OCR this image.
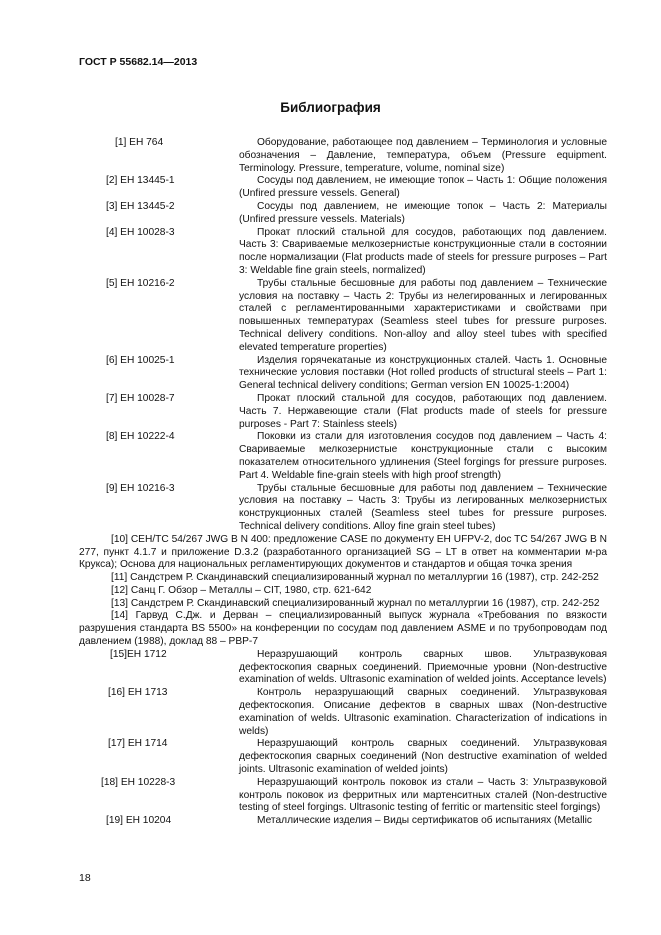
ГОСТ Р 55682.14—2013
Библиография
[1] ЕН 764	Оборудование, работающее под давлением – Терминология и условные обозначения – Давление, температура, объем (Pressure equipment. Terminology. Pressure, temperature, volume, nominal size)
[2] ЕН 13445-1	Сосуды под давлением, не имеющие топок – Часть 1: Общие положения (Unfired pressure vessels. General)
[3] ЕН 13445-2	Сосуды под давлением, не имеющие топок – Часть 2: Материалы (Unfired pressure vessels. Materials)
[4] ЕН 10028-3	Прокат плоский стальной для сосудов, работающих под давлением. Часть 3: Свариваемые мелкозернистые конструкционные стали в состоянии после нормализации (Flat products made of steels for pressure purposes – Part 3: Weldable fine grain steels, normalized)
[5] ЕН 10216-2	Трубы стальные бесшовные для работы под давлением – Технические условия на поставку – Часть 2: Трубы из нелегированных и легированных сталей с регламентированными характеристиками и свойствами при повышенных температурах (Seamless steel tubes for pressure purposes. Technical delivery conditions. Non-alloy and alloy steel tubes with specified elevated temperature properties)
[6] ЕН 10025-1	Изделия горячекатаные из конструкционных сталей. Часть 1. Основные технические условия поставки (Hot rolled products of structural steels – Part 1: General technical delivery conditions; German version EN 10025-1:2004)
[7] ЕН 10028-7	Прокат плоский стальной для сосудов, работающих под давлением. Часть 7. Нержавеющие стали (Flat products made of steels for pressure purposes - Part 7: Stainless steels)
[8] ЕН 10222-4	Поковки из стали для изготовления сосудов под давлением – Часть 4: Свариваемые мелкозернистые конструкционные стали с высоким показателем относительного удлинения (Steel forgings for pressure purposes. Part 4. Weldable fine-grain steels with high proof strength)
[9] ЕН 10216-3	Трубы стальные бесшовные для работы под давлением – Технические условия на поставку – Часть 3: Трубы из легированных мелкозернистых конструкционных сталей (Seamless steel tubes for pressure purposes. Technical delivery conditions. Alloy fine grain steel tubes)

[10] CEH/TC 54/267 JWG B N 400: предложение CASE по документу ЕН UFPV-2, doc TC 54/267 JWG B N 277, пункт 4.1.7 и приложение D.3.2 (разработанного организацией SG – LT в ответ на комментарии м-ра Крукса); Основа для национальных регламентирующих документов и стандартов и общая точка зрения

[11] Сандстрем Р. Скандинавский специализированный журнал по металлургии 16 (1987), стр. 242-252

[12] Санц Г. Обзор – Металлы – CIT, 1980, стр. 621-642

[13] Сандстрем Р. Скандинавский специализированный журнал по металлургии 16 (1987), стр. 242-252

[14] Гарвуд С.Дж. и Дерван – специализированный выпуск журнала «Требования по вязкости разрушения стандарта BS 5500» на конференции по сосудам под давлением ASME и по трубопроводам под давлением (1988), доклад 88 – PBP-7

[15]ЕН 1712	Неразрушающий контроль сварных швов. Ультразвуковая дефектоскопия сварных соединений. Приемочные уровни (Non-destructive examination of welds. Ultrasonic examination of welded joints. Acceptance levels)
[16] ЕН 1713	Контроль неразрушающий сварных соединений. Ультразвуковая дефектоскопия. Описание дефектов в сварных швах (Non-destructive examination of welds. Ultrasonic examination. Characterization of indications in welds)
[17] ЕН 1714	Неразрушающий контроль сварных соединений. Ультразвуковая дефектоскопия сварных соединений (Non destructive examination of welded joints. Ultrasonic examination of welded joints)
[18] ЕН 10228-3	Неразрушающий контроль поковок из стали – Часть 3: Ультразвуковой контроль поковок из ферритных или мартенситных сталей (Non-destructive testing of steel forgings. Ultrasonic testing of ferritic or martensitic steel forgings)
[19] ЕН 10204	Металлические изделия – Виды сертификатов об испытаниях (Metallic
18
